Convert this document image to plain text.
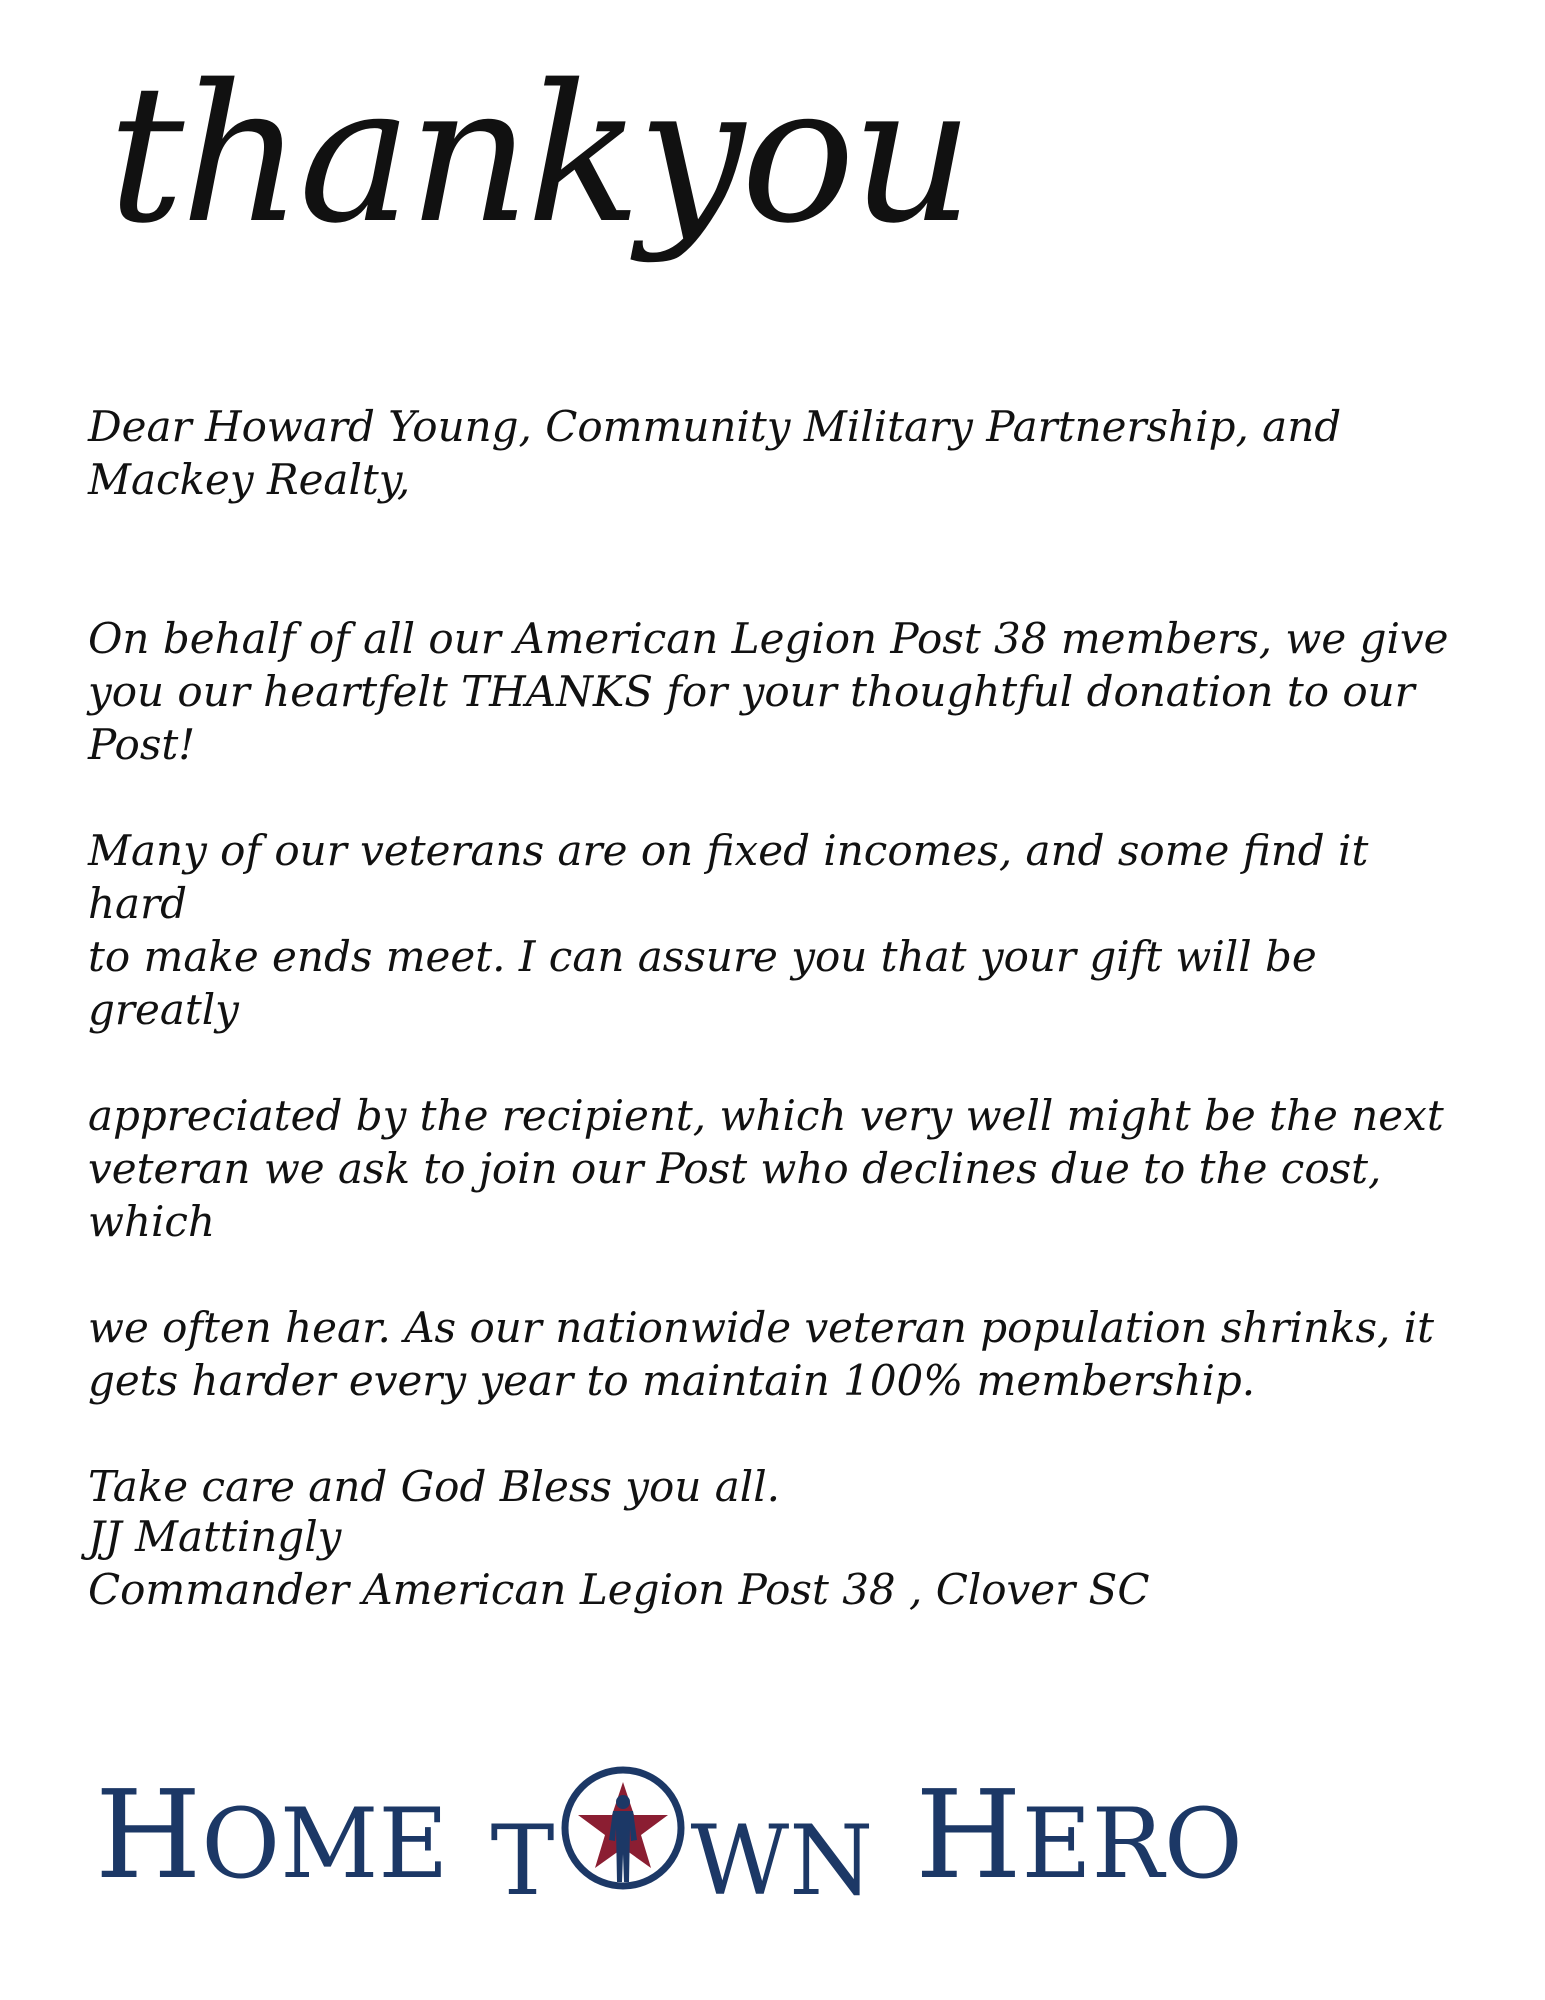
thankyou

Dear Howard Young, Community Military Partnership, and
Mackey Realty,

On behalf of all our American Legion Post 38 members, we give
you our heartfelt THANKS for your thoughtful donation to our
Post!

Many of our veterans are on fixed incomes, and some find it hard
to make ends meet. I can assure you that your gift will be greatly

appreciated by the recipient, which very well might be the next
veteran we ask to join our Post who declines due to the cost,
which

we often hear. As our nationwide veteran population shrinks, it
gets harder every year to maintain 100% membership.

Take care and God Bless you all.

JJ Mattingly
Commander American Legion Post 38 , Clover SC
H OME T WN H ERO
